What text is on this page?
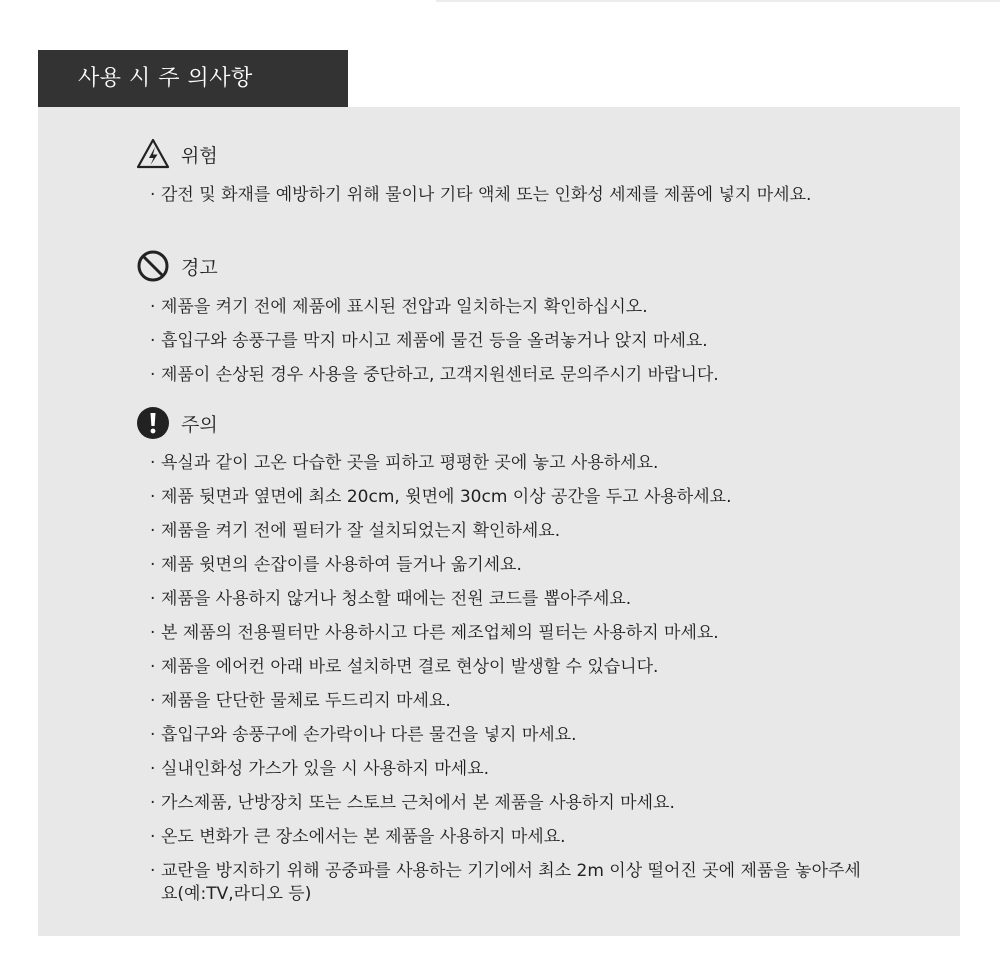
사용 시 주 의사항
위험
· 감전 및 화재를 예방하기 위해 물이나 기타 액체 또는 인화성 세제를 제품에 넣지 마세요.
경고
· 제품을 켜기 전에 제품에 표시된 전압과 일치하는지 확인하십시오.
· 흡입구와 송풍구를 막지 마시고 제품에 물건 등을 올려놓거나 앉지 마세요.
· 제품이 손상된 경우 사용을 중단하고, 고객지원센터로 문의주시기 바랍니다.
주의
· 욕실과 같이 고온 다습한 곳을 피하고 평평한 곳에 놓고 사용하세요.
· 제품 뒷면과 옆면에 최소 20cm, 윗면에 30cm 이상 공간을 두고 사용하세요.
· 제품을 켜기 전에 필터가 잘 설치되었는지 확인하세요.
· 제품 윗면의 손잡이를 사용하여 들거나 옮기세요.
· 제품을 사용하지 않거나 청소할 때에는 전원 코드를 뽑아주세요.
· 본 제품의 전용필터만 사용하시고 다른 제조업체의 필터는 사용하지 마세요.
· 제품을 에어컨 아래 바로 설치하면 결로 현상이 발생할 수 있습니다.
· 제품을 단단한 물체로 두드리지 마세요.
· 흡입구와 송풍구에 손가락이나 다른 물건을 넣지 마세요.
· 실내인화성 가스가 있을 시 사용하지 마세요.
· 가스제품, 난방장치 또는 스토브 근처에서 본 제품을 사용하지 마세요.
· 온도 변화가 큰 장소에서는 본 제품을 사용하지 마세요.
· 교란을 방지하기 위해 공중파를 사용하는 기기에서 최소 2m 이상 떨어진 곳에 제품을 놓아주세요(예:TV,라디오 등)
